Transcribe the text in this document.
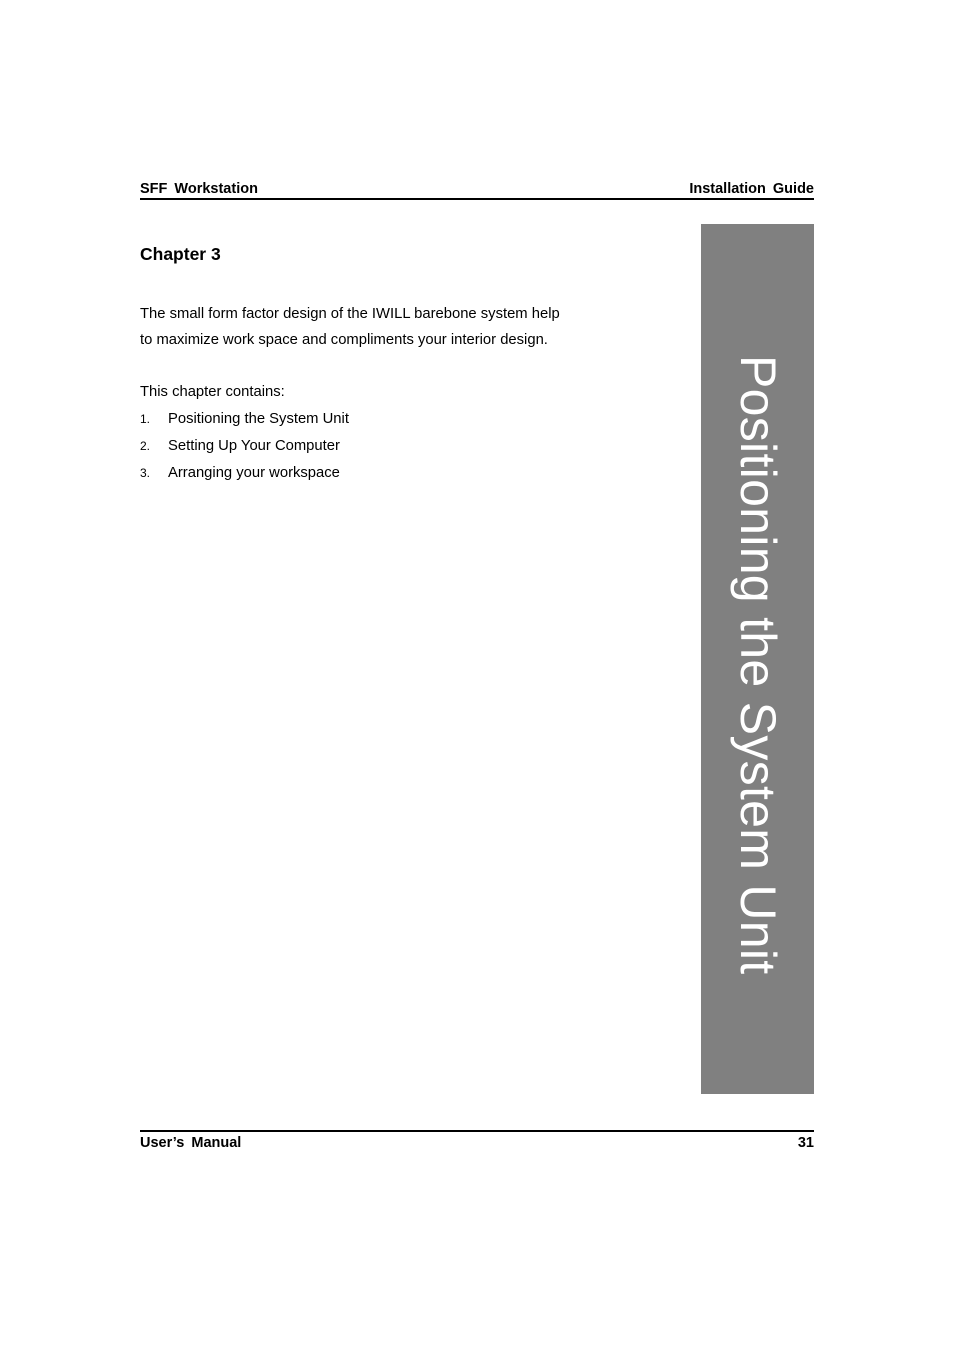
SFF Workstation	Installation Guide
Chapter 3

The small form factor design of the IWILL barebone system help
to maximize work space and compliments your interior design.

This chapter contains:

1. Positioning the System Unit
2. Setting Up Your Computer
3. Arranging your workspace	Positioning the System Unit
User’s Manual	31
